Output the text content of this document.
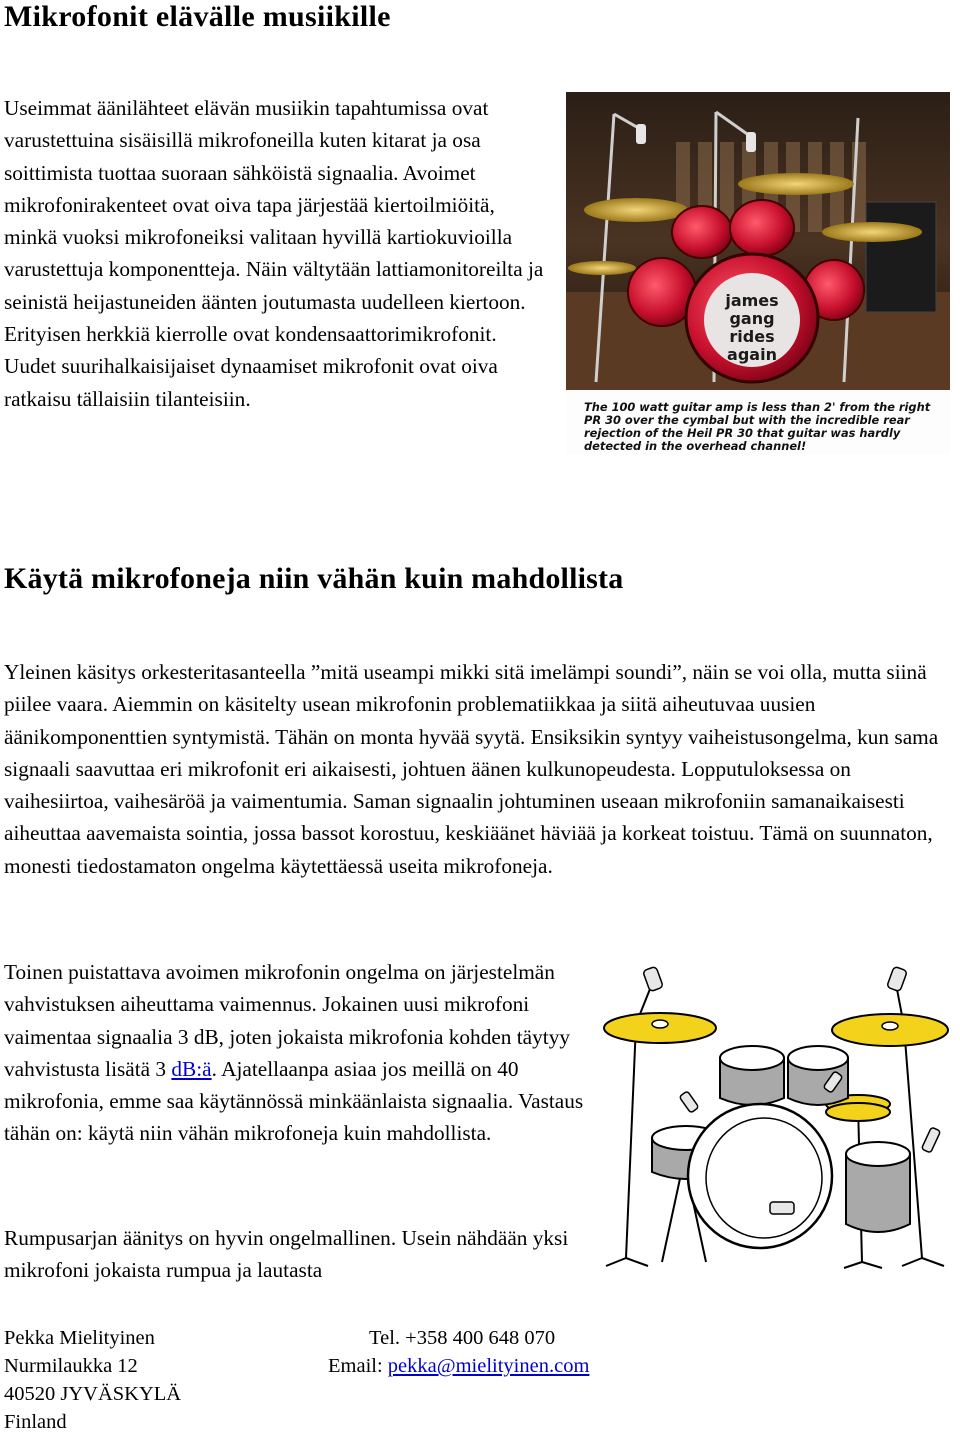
Mikrofonit elävälle musiikille

Useimmat äänilähteet elävän musiikin tapahtumissa ovat varustettuina sisäisillä mikrofoneilla kuten kitarat ja osa soittimista tuottaa suoraan sähköistä signaalia. Avoimet mikrofonirakenteet ovat oiva tapa järjestää kiertoilmiöitä, minkä vuoksi mikrofoneiksi valitaan hyvillä kartiokuvioilla varustettuja komponentteja. Näin vältytään lattiamonitoreilta ja seinistä heijastuneiden äänten joutumasta uudelleen kiertoon. Erityisen herkkiä kierrolle ovat kondensaattorimikrofonit. Uudet suurihalkaisijaiset dynaamiset mikrofonit ovat oiva ratkaisu tällaisiin tilanteisiin.

james
gang
rides
again
The 100 watt guitar amp is less than 2' from the right
PR 30 over the cymbal but with the incredible rear
rejection of the Heil PR 30 that guitar was hardly
detected in the overhead channel!
Käytä mikrofoneja niin vähän kuin mahdollista

Yleinen käsitys orkesteritasanteella ”mitä useampi mikki sitä imelämpi soundi”, näin se voi olla, mutta siinä piilee vaara. Aiemmin on käsitelty usean mikrofonin problematiikkaa ja siitä aiheutuvaa uusien äänikomponenttien syntymistä. Tähän on monta hyvää syytä. Ensiksikin syntyy vaiheistusongelma, kun sama signaali saavuttaa eri mikrofonit eri aikaisesti, johtuen äänen kulkunopeudesta. Lopputuloksessa on vaihesiirtoa, vaihesäröä ja vaimentumia. Saman signaalin johtuminen useaan mikrofoniin samanaikaisesti aiheuttaa aavemaista sointia, jossa bassot korostuu, keskiäänet häviää ja korkeat toistuu. Tämä on suunnaton, monesti tiedostamaton ongelma käytettäessä useita mikrofoneja.

Toinen puistattava avoimen mikrofonin ongelma on järjestelmän vahvistuksen aiheuttama vaimennus. Jokainen uusi mikrofoni vaimentaa signaalia 3 dB, joten jokaista mikrofonia kohden täytyy vahvistusta lisätä 3 dB:ä. Ajatellaanpa asiaa jos meillä on 40 mikrofonia, emme saa käytännössä minkäänlaista signaalia. Vastaus tähän on: käytä niin vähän mikrofoneja kuin mahdollista.

Rumpusarjan äänitys on hyvin ongelmallinen. Usein nähdään yksi mikrofoni jokaista rumpua ja lautasta

Pekka Mielityinen
Nurmilaukka 12
40520 JYVÄSKYLÄ
Finland
Tel. +358 400 648 070
Email: pekka@mielityinen.com
